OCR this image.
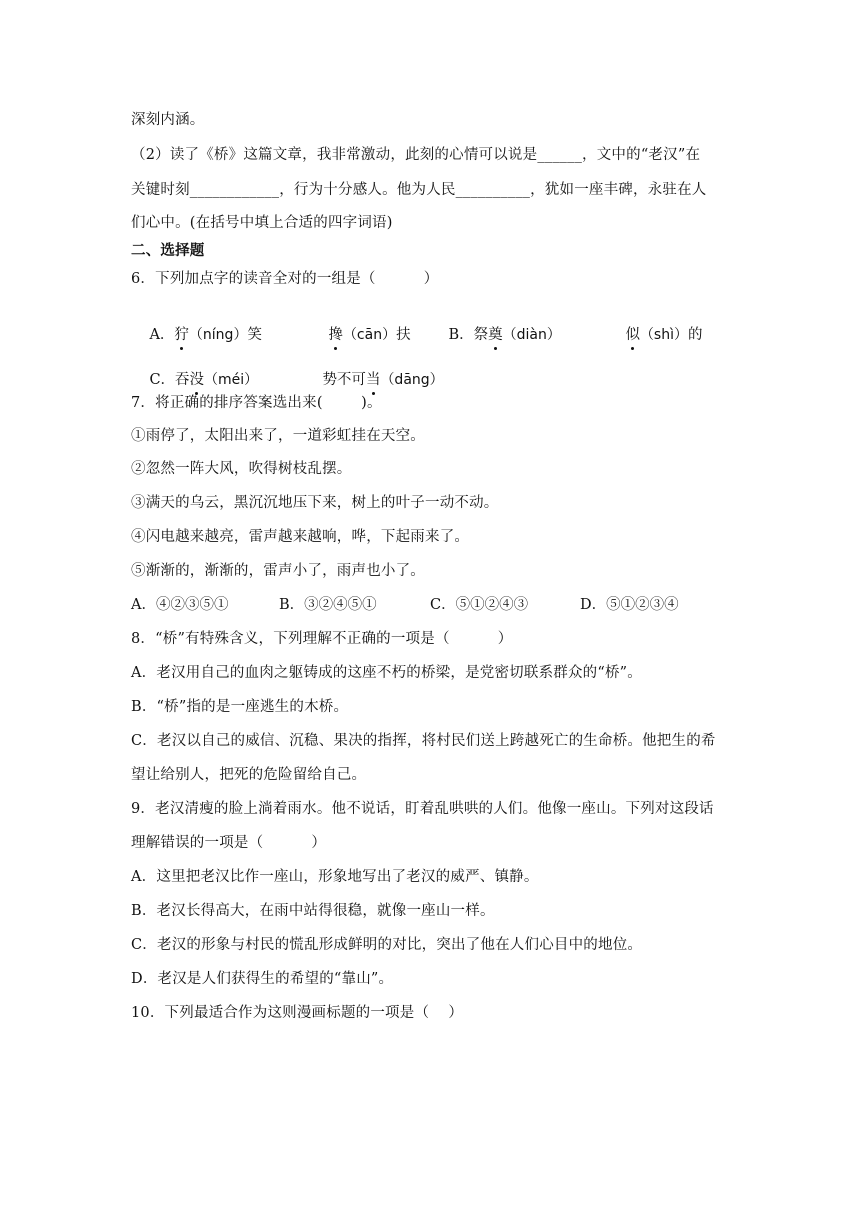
深刻内涵。
（2）读了《桥》这篇文章，我非常激动，此刻的心情可以说是______，文中的“老汉”在
关键时刻____________，行为十分感人。他为人民__________，犹如一座丰碑，永驻在人
们心中。(在括号中填上合适的四字词语)
二、选择题
6．下列加点字的读音全对的一组是（          ）

A．狞（níng）笑
	搀（cān）扶
	B．祭奠（diàn）
	似（shì）的

C．吞没（méi）
	势不可当（dāng）

7．将正确的排序答案选出来(        )。
①雨停了，太阳出来了，一道彩虹挂在天空。
②忽然一阵大风，吹得树枝乱摆。
③满天的乌云，黑沉沉地压下来，树上的叶子一动不动。
④闪电越来越亮，雷声越来越响，哗，下起雨来了。
⑤渐渐的，渐渐的，雷声小了，雨声也小了。
A．④②③⑤①	B．③②④⑤①	C．⑤①②④③	D．⑤①②③④
8．“桥”有特殊含义，下列理解不正确的一项是（          ）
A．老汉用自己的血肉之躯铸成的这座不朽的桥梁，是党密切联系群众的“桥”。
B．“桥”指的是一座逃生的木桥。
C．老汉以自己的威信、沉稳、果决的指挥，将村民们送上跨越死亡的生命桥。他把生的希
望让给别人，把死的危险留给自己。
9．老汉清瘦的脸上淌着雨水。他不说话，盯着乱哄哄的人们。他像一座山。下列对这段话
理解错误的一项是（          ）
A．这里把老汉比作一座山，形象地写出了老汉的威严、镇静。
B．老汉长得高大，在雨中站得很稳，就像一座山一样。
C．老汉的形象与村民的慌乱形成鲜明的对比，突出了他在人们心目中的地位。
D．老汉是人们获得生的希望的“靠山”。
10．下列最适合作为这则漫画标题的一项是（    ）
